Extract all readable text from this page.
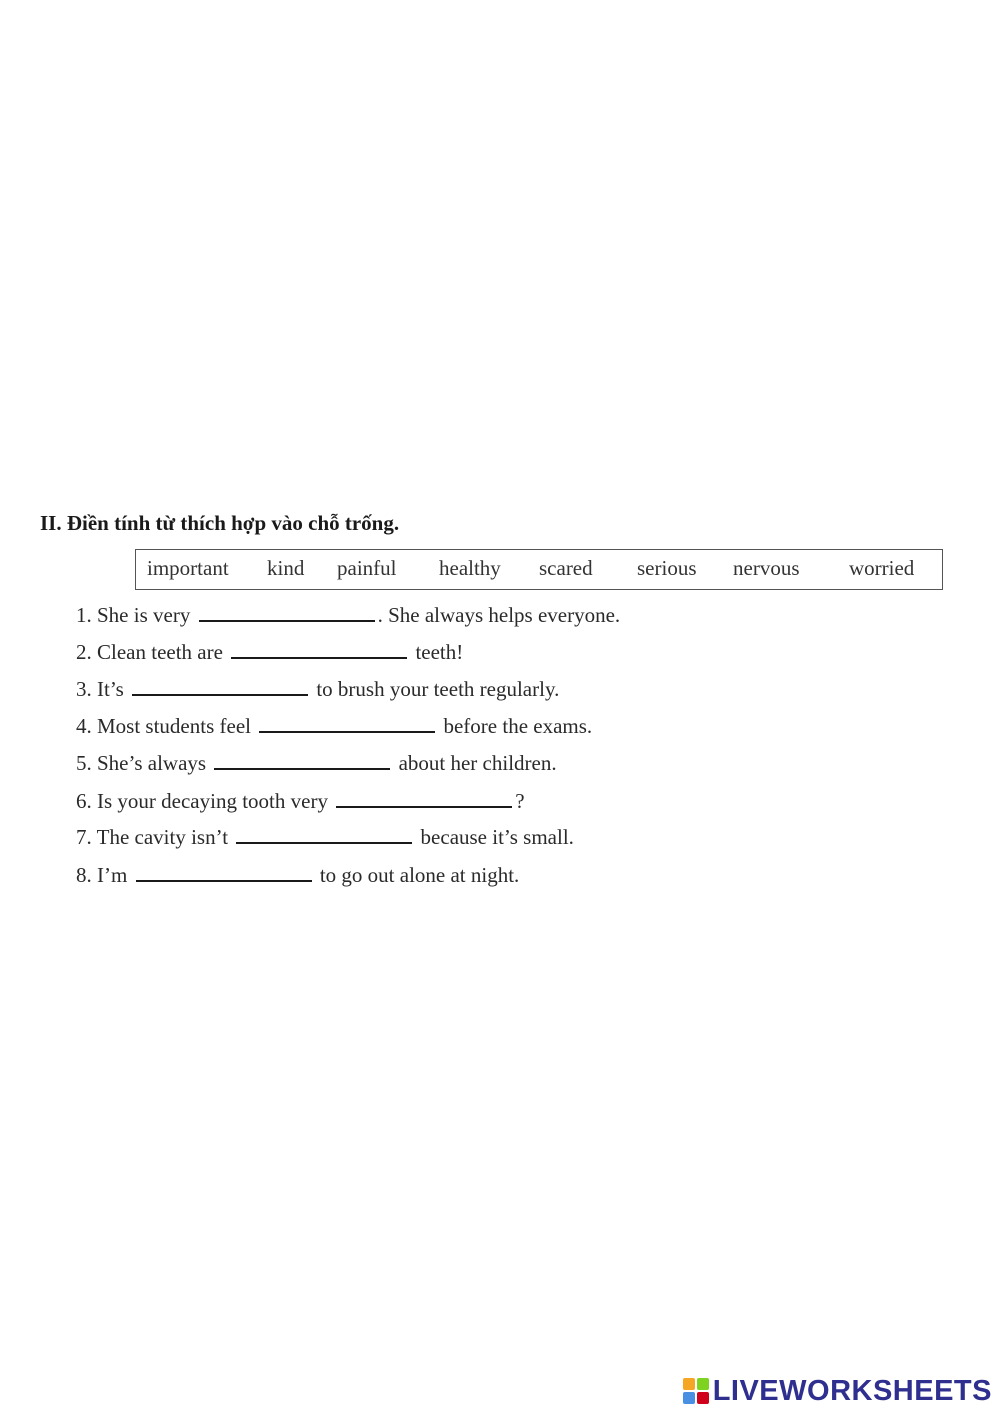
II. Điền tính từ thích hợp vào chỗ trống.
important kind painful healthy scared serious nervous worried
1. She is very	. She always helps everyone.
2. Clean teeth are	teeth!
3. It’s	to brush your teeth regularly.
4. Most students feel	before the exams.
5. She’s always	about her children.
6. Is your decaying tooth very	?
7. The cavity isn’t	because it’s small.
8. I’m	to go out alone at night.
LIVEWORKSHEETS
